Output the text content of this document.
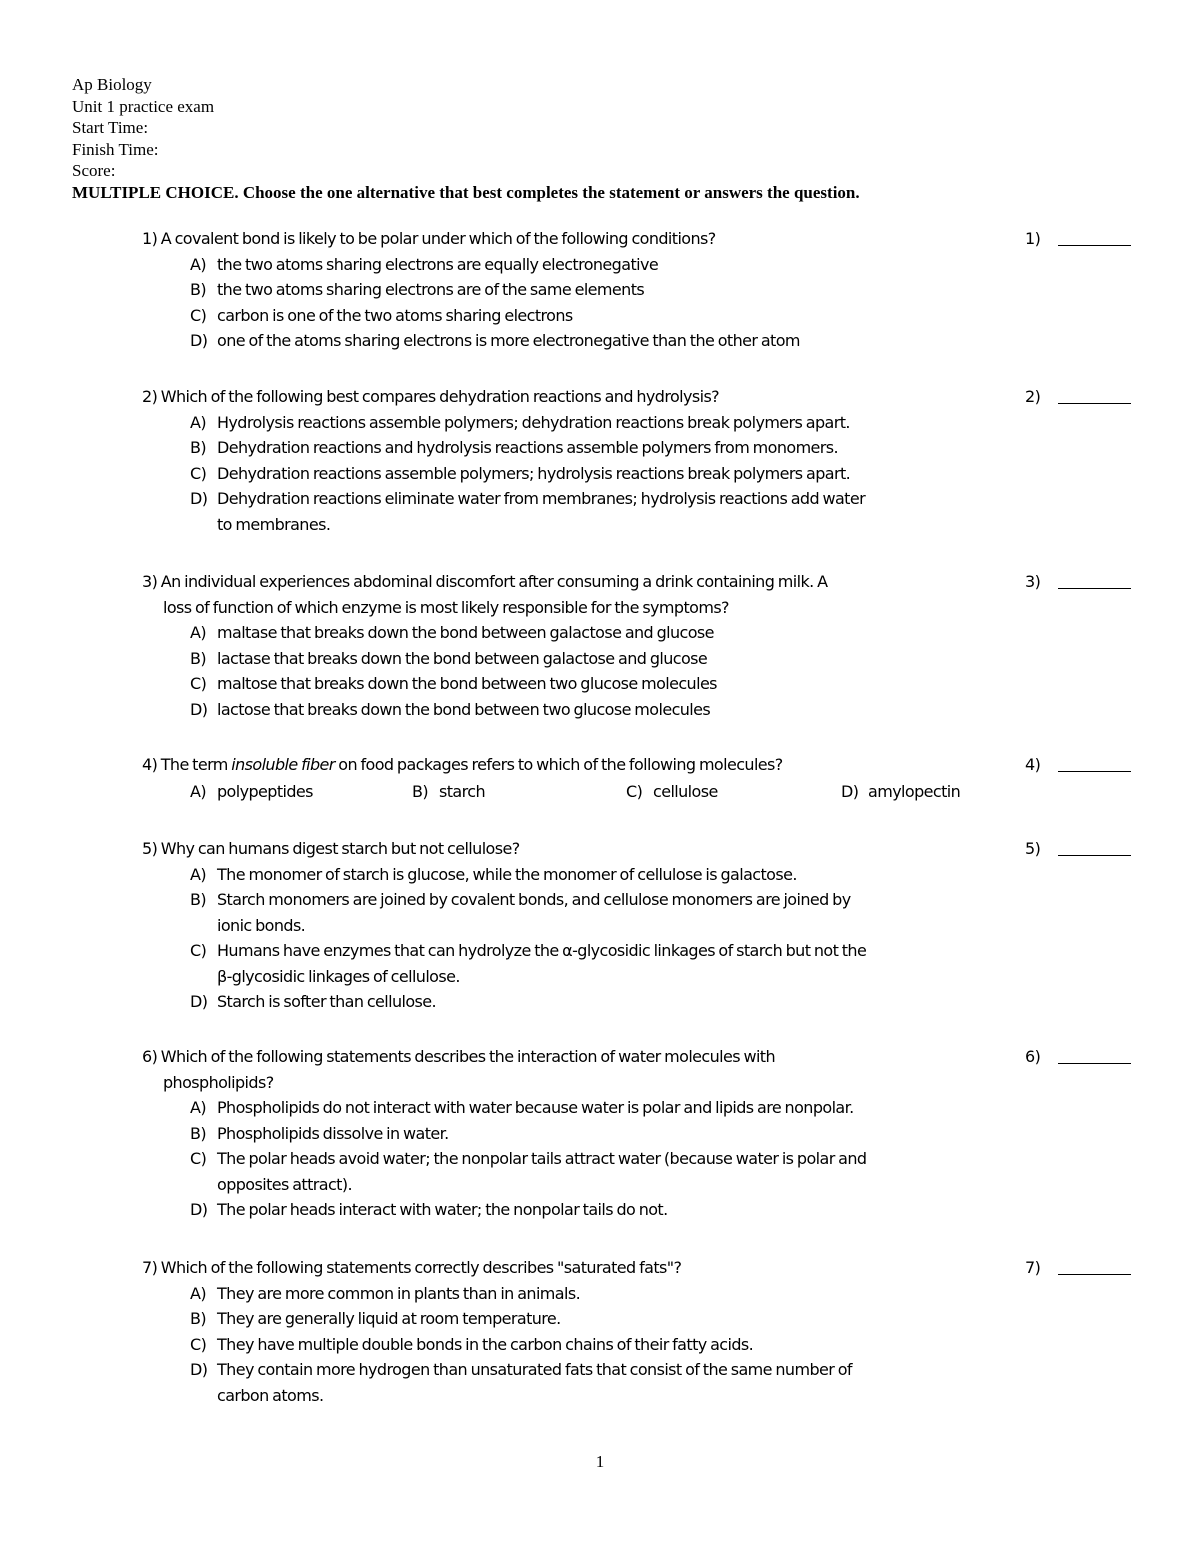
Ap Biology
Unit 1 practice exam
Start Time:
Finish Time:
Score:
MULTIPLE CHOICE. Choose the one alternative that best completes the statement or answers the question.
1) A covalent bond is likely to be polar under which of the following conditions?	1)
A) the two atoms sharing electrons are equally electronegative
B) the two atoms sharing electrons are of the same elements
C) carbon is one of the two atoms sharing electrons
D) one of the atoms sharing electrons is more electronegative than the other atom
2) Which of the following best compares dehydration reactions and hydrolysis?	2)
A) Hydrolysis reactions assemble polymers; dehydration reactions break polymers apart.
B) Dehydration reactions and hydrolysis reactions assemble polymers from monomers.
C) Dehydration reactions assemble polymers; hydrolysis reactions break polymers apart.
D) Dehydration reactions eliminate water from membranes; hydrolysis reactions add water
to membranes.
3) An individual experiences abdominal discomfort after consuming a drink containing milk. A
loss of function of which enzyme is most likely responsible for the symptoms?
3)
A) maltase that breaks down the bond between galactose and glucose
B) lactase that breaks down the bond between galactose and glucose
C) maltose that breaks down the bond between two glucose molecules
D) lactose that breaks down the bond between two glucose molecules
4) The term insoluble fiber on food packages refers to which of the following molecules?	4)
A) polypeptides	B) starch	C) cellulose	D) amylopectin
5) Why can humans digest starch but not cellulose?	5)
A) The monomer of starch is glucose, while the monomer of cellulose is galactose.
B) Starch monomers are joined by covalent bonds, and cellulose monomers are joined by
ionic bonds.
C) Humans have enzymes that can hydrolyze the α-glycosidic linkages of starch but not the
β-glycosidic linkages of cellulose.
D) Starch is softer than cellulose.
6) Which of the following statements describes the interaction of water molecules with
phospholipids?
6)
A) Phospholipids do not interact with water because water is polar and lipids are nonpolar.
B) Phospholipids dissolve in water.
C) The polar heads avoid water; the nonpolar tails attract water (because water is polar and
opposites attract).
D) The polar heads interact with water; the nonpolar tails do not.
7) Which of the following statements correctly describes "saturated fats"?	7)
A) They are more common in plants than in animals.
B) They are generally liquid at room temperature.
C) They have multiple double bonds in the carbon chains of their fatty acids.
D) They contain more hydrogen than unsaturated fats that consist of the same number of
carbon atoms.
1
